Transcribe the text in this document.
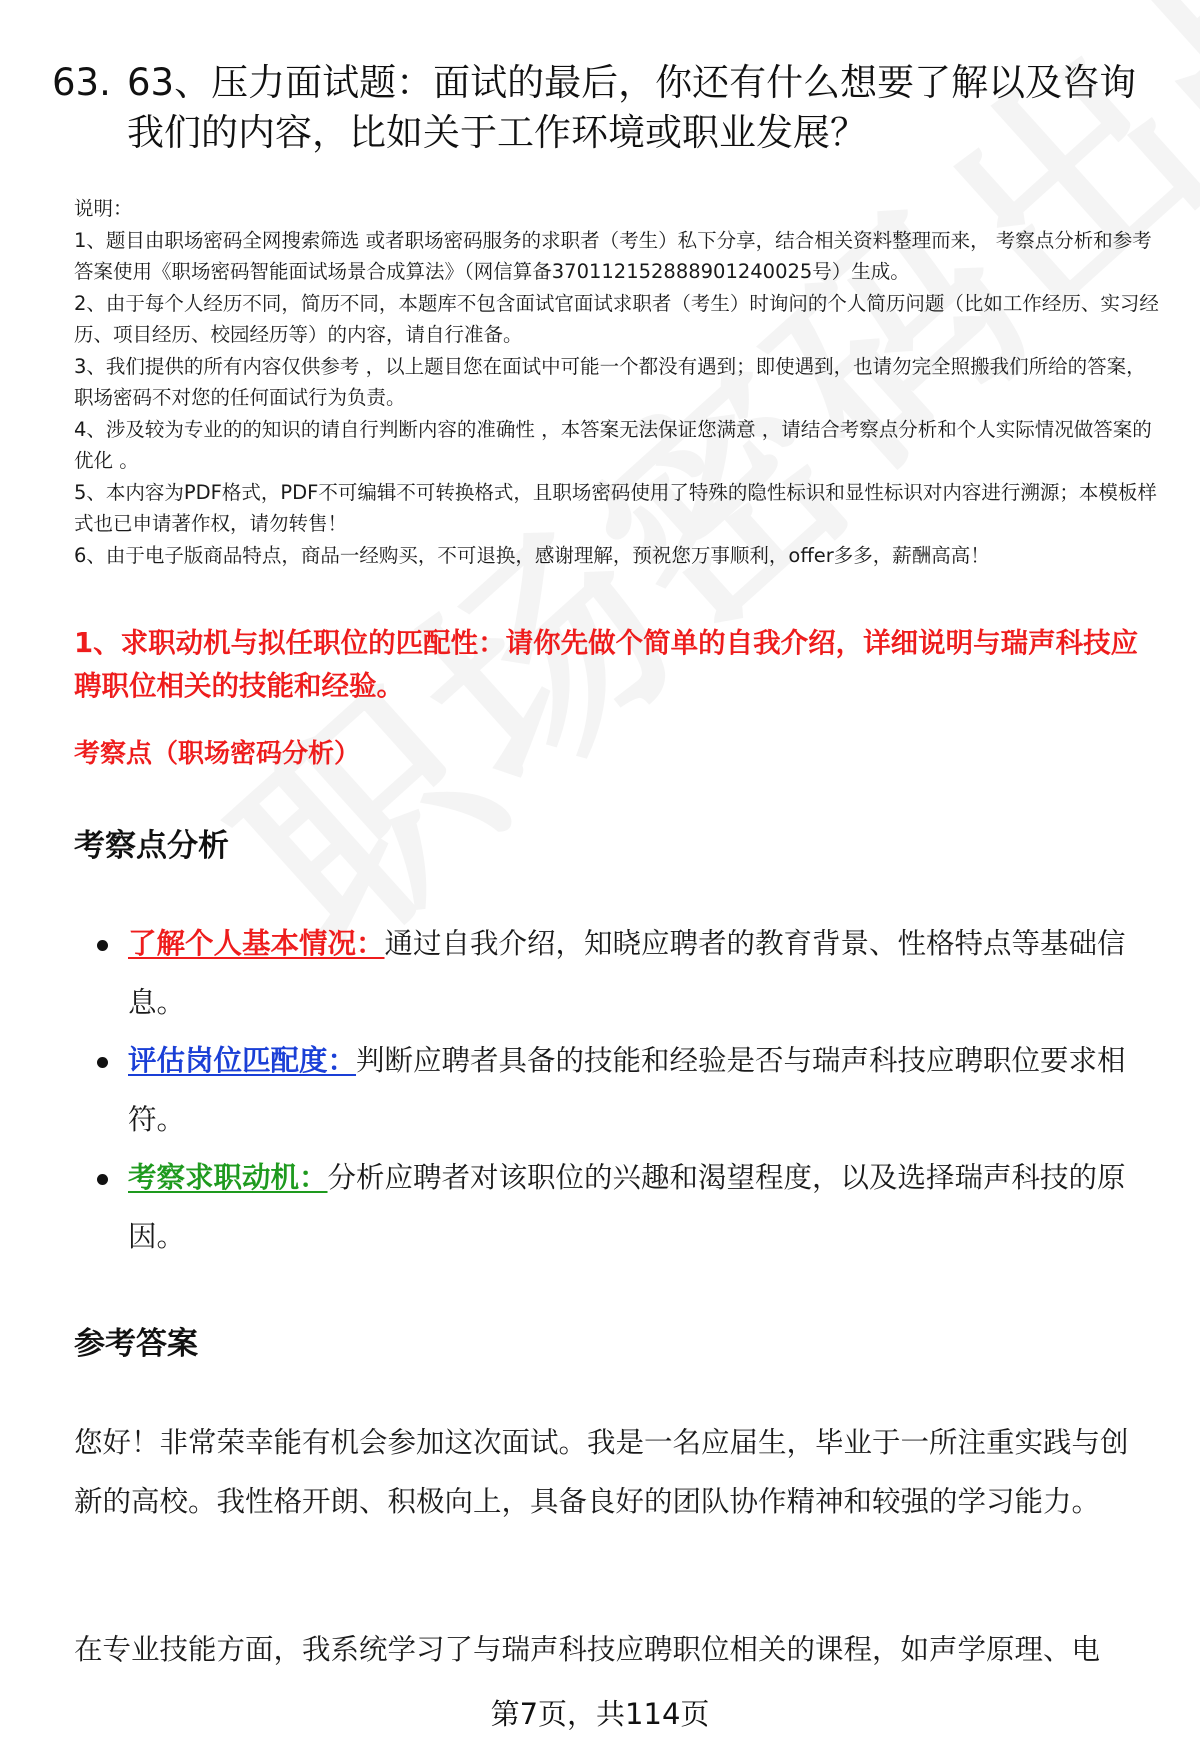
63. 63、压力面试题：面试的最后，你还有什么想要了解以及咨询我们的内容，比如关于工作环境或职业发展？

说明：

1、题目由职场密码全网搜索筛选 或者职场密码服务的求职者（考生）私下分享，结合相关资料整理而来， 考察点分析和参考答案使用《职场密码智能面试场景合成算法》（网信算备370112152888901240025号）生成。

2、由于每个人经历不同，简历不同，本题库不包含面试官面试求职者（考生）时询问的个人简历问题（比如工作经历、实习经历、项目经历、校园经历等）的内容，请自行准备。

3、我们提供的所有内容仅供参考 ，以上题目您在面试中可能一个都没有遇到；即使遇到，也请勿完全照搬我们所给的答案，职场密码不对您的任何面试行为负责。

4、涉及较为专业的的知识的请自行判断内容的准确性 ，本答案无法保证您满意 ，请结合考察点分析和个人实际情况做答案的优化 。

5、本内容为PDF格式，PDF不可编辑不可转换格式，且职场密码使用了特殊的隐性标识和显性标识对内容进行溯源；本模板样式也已申请著作权，请勿转售！

6、由于电子版商品特点，商品一经购买，不可退换，感谢理解，预祝您万事顺利，offer多多，薪酬高高！

1、求职动机与拟任职位的匹配性：请你先做个简单的自我介绍，详细说明与瑞声科技应聘职位相关的技能和经验。
考察点（职场密码分析）
考察点分析
了解个人基本情况：通过自我介绍，知晓应聘者的教育背景、性格特点等基础信息。
评估岗位匹配度：判断应聘者具备的技能和经验是否与瑞声科技应聘职位要求相符。
考察求职动机：分析应聘者对该职位的兴趣和渴望程度，以及选择瑞声科技的原因。
参考答案

您好！非常荣幸能有机会参加这次面试。我是一名应届生，毕业于一所注重实践与创新的高校。我性格开朗、积极向上，具备良好的团队协作精神和较强的学习能力。

在专业技能方面，我系统学习了与瑞声科技应聘职位相关的课程，如声学原理、电

第7页，共114页
